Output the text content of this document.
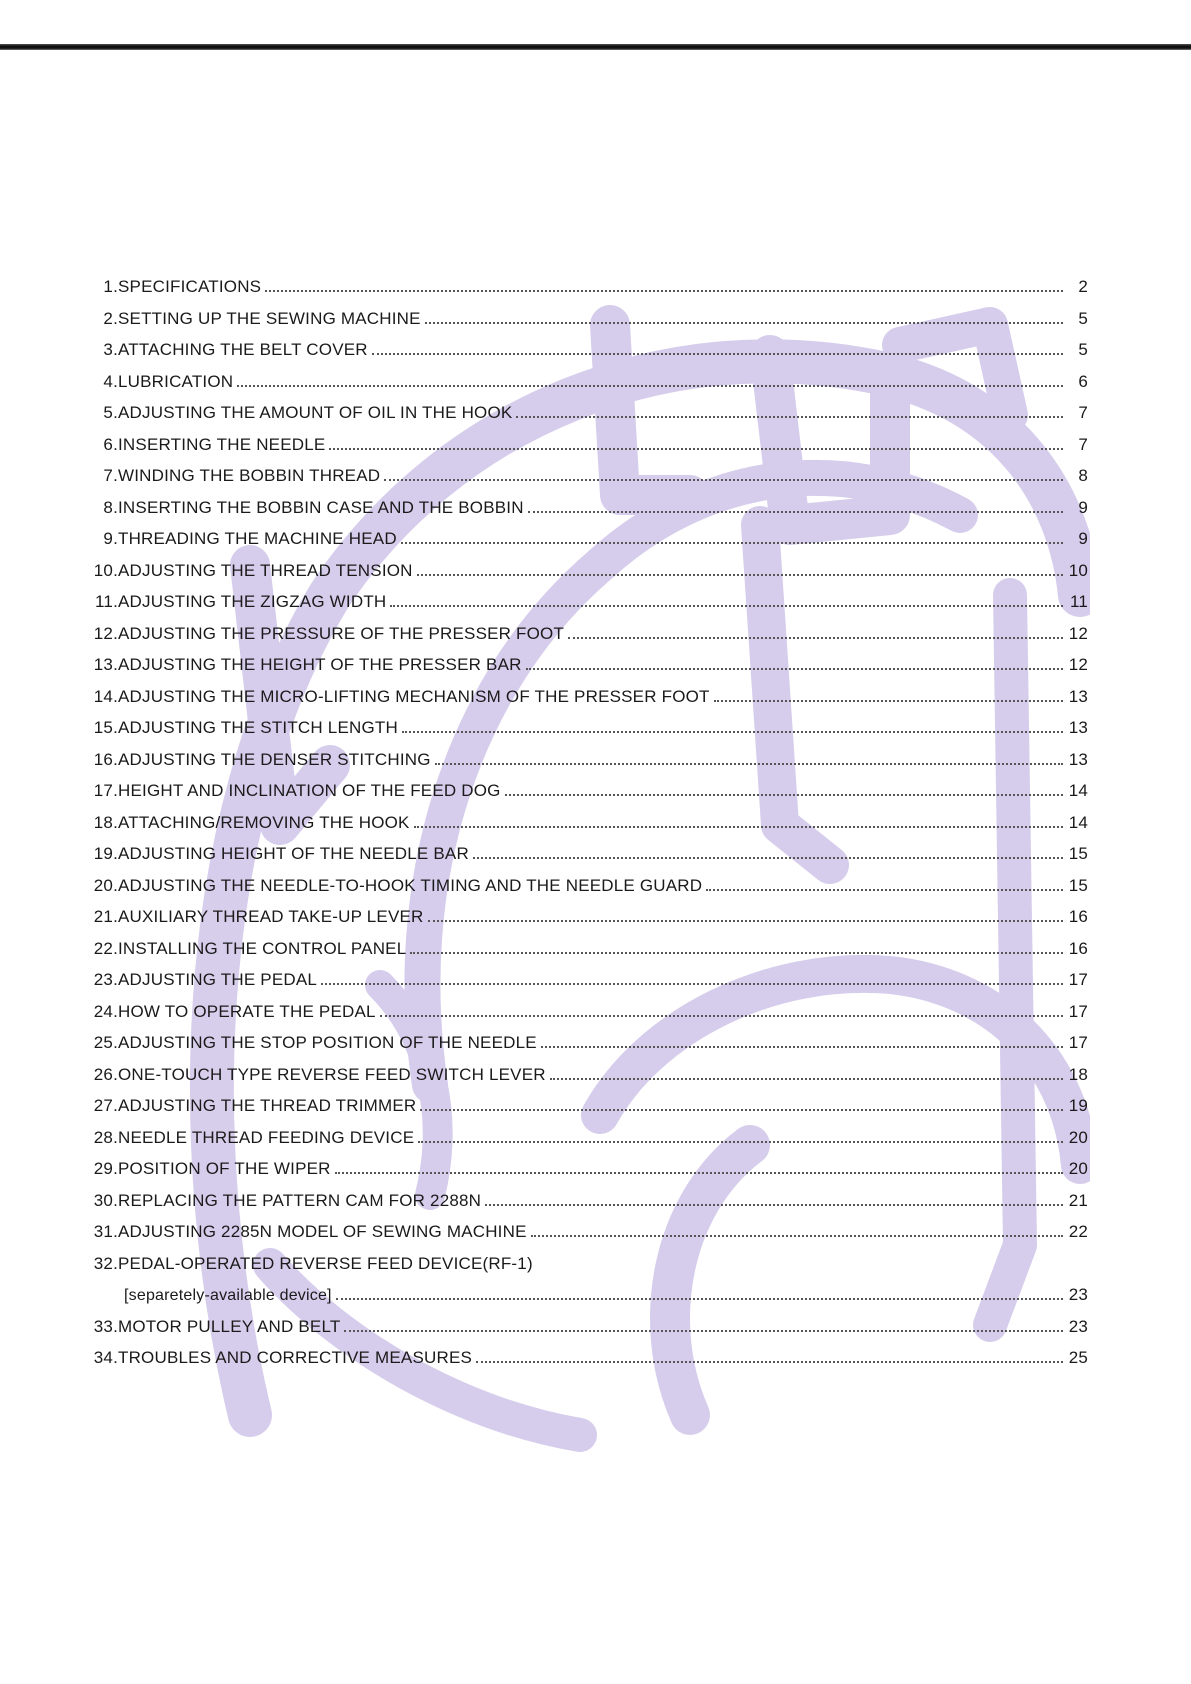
1. SPECIFICATIONS	2
2. SETTING UP THE SEWING MACHINE	5
3. ATTACHING THE BELT COVER	5
4. LUBRICATION	6
5. ADJUSTING THE AMOUNT OF OIL IN THE HOOK	7
6. INSERTING THE NEEDLE	7
7. WINDING THE BOBBIN THREAD	8
8. INSERTING THE BOBBIN CASE AND THE BOBBIN	9
9. THREADING THE MACHINE HEAD	9
10. ADJUSTING THE THREAD TENSION	10
11. ADJUSTING THE ZIGZAG WIDTH	11
12. ADJUSTING THE PRESSURE OF THE PRESSER FOOT	12
13. ADJUSTING THE HEIGHT OF THE PRESSER BAR	12
14. ADJUSTING THE MICRO-LIFTING MECHANISM OF THE PRESSER FOOT	13
15. ADJUSTING THE STITCH LENGTH	13
16. ADJUSTING THE DENSER STITCHING	13
17. HEIGHT AND INCLINATION OF THE FEED DOG	14
18. ATTACHING/REMOVING THE HOOK	14
19. ADJUSTING HEIGHT OF THE NEEDLE BAR	15
20. ADJUSTING THE NEEDLE-TO-HOOK TIMING AND THE NEEDLE GUARD	15
21. AUXILIARY THREAD TAKE-UP LEVER	16
22. INSTALLING THE CONTROL PANEL	16
23. ADJUSTING THE PEDAL	17
24. HOW TO OPERATE THE PEDAL	17
25. ADJUSTING THE STOP POSITION OF THE NEEDLE	17
26. ONE-TOUCH TYPE REVERSE FEED SWITCH LEVER	18
27. ADJUSTING THE THREAD TRIMMER	19
28. NEEDLE THREAD FEEDING DEVICE	20
29. POSITION OF THE WIPER	20
30. REPLACING THE PATTERN CAM FOR 2288N	21
31. ADJUSTING 2285N MODEL OF SEWING MACHINE	22
32. PEDAL-OPERATED REVERSE FEED DEVICE(RF-1)
[separetely-available device]	23
33. MOTOR PULLEY AND BELT	23
34. TROUBLES AND CORRECTIVE MEASURES	25
